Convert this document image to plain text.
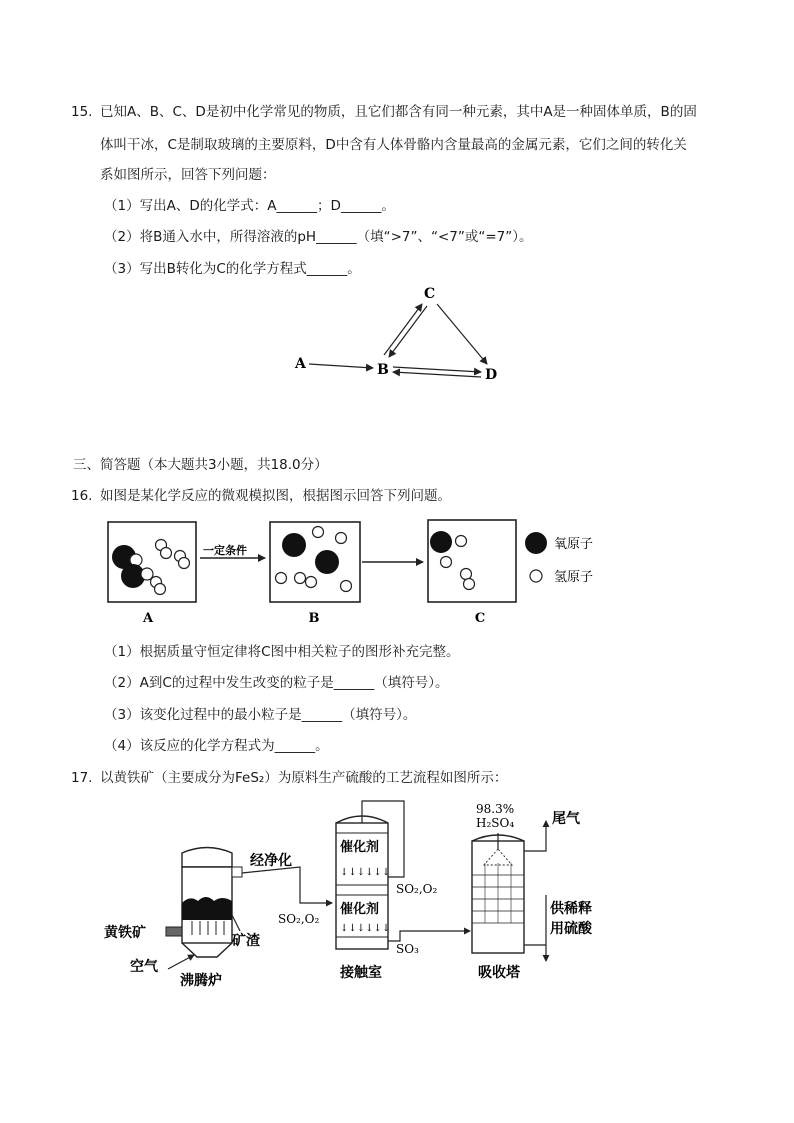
15. 已知A、B、C、D是初中化学常见的物质，且它们都含有同一种元素，其中A是一种固体单质，B的固
体叫干冰，C是制取玻璃的主要原料，D中含有人体骨骼内含量最高的金属元素，它们之间的转化关
系如图所示，回答下列问题：
（1）写出A、D的化学式：A______；D______。
（2）将B通入水中，所得溶液的pH______（填“>7”、“<7”或“=7”）。
（3）写出B转化为C的化学方程式______。
A	B
C
D
三、简答题（本大题共3小题，共18.0分）
16. 如图是某化学反应的微观模拟图，根据图示回答下列问题。
A
一定条件
B	C
氧原子
氢原子
（1）根据质量守恒定律将C图中相关粒子的图形补充完整。
（2）A到C的过程中发生改变的粒子是______（填符号）。
（3）该变化过程中的最小粒子是______（填符号）。
（4）该反应的化学方程式为______。
17. 以黄铁矿（主要成分为FeS₂）为原料生产硫酸的工艺流程如图所示：
黄铁矿
空气
沸腾炉
矿渣
经净化
SO₂,O₂
催化剂
催化剂
↓↓↓↓↓↓
↓↓↓↓↓↓
SO₂,O₂
SO₃
接触室
98.3%
H₂SO₄	尾气
供稀释
用硫酸
吸收塔
